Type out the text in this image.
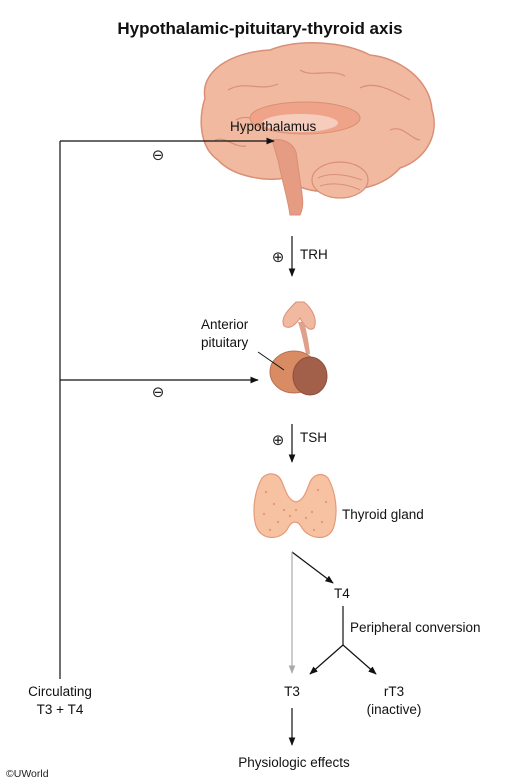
Hypothalamic-pituitary-thyroid axis
Hypothalamus
⊖
⊖
⊕ TRH
Anterior
pituitary
⊕ TSH
Thyroid gland
T4
Peripheral conversion
T3	rT3
(inactive)
Physiologic effects
Circulating
T3 + T4
©UWorld
